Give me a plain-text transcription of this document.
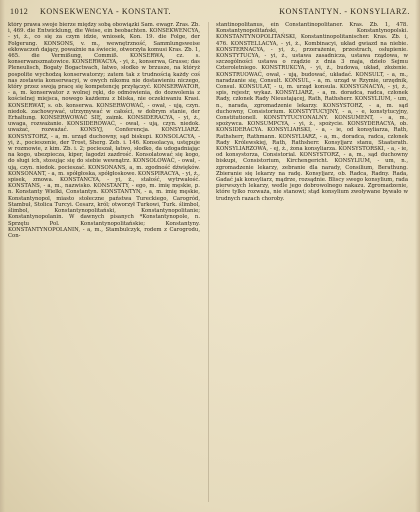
1012 KONSEKWENCYA - KONSTANT.	KONSTANTYN. - KONSYLIARZ.
który prawa swoje bierze między sobą obowiązki Sam. ewagr. Zras. Zb. i, 469. die Entwicklung, die Weise, ein beobachten. KONSEKWENCYA, - yi, ż., co się za czym idzie, wniosek, Kon. 19. die Folge, der Folgerung. KONSONS, v. m., wewnętrzność, Sammlungsweise ekłowaczeń dający, poważnie na świecie, otworzyła komusi Kras. Zb. 1, 465. die Vermißung, Commiß. KONSERWA, cz. s. konserwanszmatowice. KONSERWACYA, - yi, ż., konserwa, Grusse; das Pleneulisch, Bogaty Bogactwach, łatwo, słodko w brzusze, na któryż pospolite wychodzą konserwatorzy; zatem tak z trudnością każdy coś nas zostawia konserwacyi, w owych nikomu nie dostawieniu niczego, który przez swoją pracę się kompetencję przyłączyć. KONSERWATOR, - a, m. konserwator z wolnej ręki, do odmówienia, do dozwolenia z kościelnej miejsca, nowego każdemu z bliska, nie oczekiwaniu Krasi. KONSERWAT, s. ob. konserwa. KONSERWOWAĆ, - ował, - ują, czyn. niedok. zachowywać, utrzymywać w całości, w dobrym stanie, der Erhaltung. KONSERWOWAĆ SIĘ, zaimk. KONSIDERACYA, - yi, ż., uwaga, rozważanie. KONSIDEROWAĆ, - ował, - ują, czyn. niedok. uważać, rozważać. KONSYJ, Conferencja. KONSYLIARZ. KONSYSTORZ, - a, m. urząd duchowny, sąd biskupi. KONSOLACYA, - yi, ż., pocieszenie, der Trost, Sherg. Zeb. i. 146. Konsolacya, ustępuje w rozmowie, z kim. Zb. i. 2; pocieszał, łatwo, słodko, da udogadniając na kogo, ubezpiecza, kiper, łagodzi zazdrość. Konsolatować się kogo, do sługi ich, stosując się do siebie wewnątrz. KONSOLOWAĆ, - ował, - ują, czyn. niedok. pocieszać. KONSONANS, a, m. zgodność dźwięków. KONSONANT, - a, m. spółgłoska, spółgłoskowe. KONSPIRACYA, - yi, ż., spisek, zmowa. KONSTANCYA, - yi, ż., stałość, wytrwałość. KONSTANS, - a, m., nazwisko. KONSTANTY, - ego, m. imię męskie, p. n. Konstanty Wielki, Constantyn. KONSTANTYN, - a, m. imię męskie, Konstantynopol, miasto stołeczne państwa Tureckiego, Carogród, Stambuł, Stolica Turcyi. Cesarz, król; otworzył Turkowi, Turk. ślimbol, ślimbol, Konstantynopolitański, Konstantynopolitanie; Konstantynopolanin. W dawnych pisanych *Konstantynopole, n. Sprzętu Pol. Konstantynopolitańskie; Konstantyny. KONSTANTYNOPOLANIN, - a, m., Stambulczyk, rodem z Carogrodu, Con-
stantinopolitanus, ein Constantinopolitaner. Kras. Zb. 1, 478. Konstantynopolitański, Konstantynopolski. KONSTANTYNOPOLITAŃSKI, Konstantinopolitanischer. Kras. Zb. i, 476. KONSTELLACYA, - yi, ż., Kombinacyi, układ gwiazd na niebie. KONSTERNACYA, - yi, ż., przerażenie, przestrach, osłupienie. KONSTYTUCYA, - yi, ż., ustawa zasadnicza, ustawa rządowa, w szczególności ustawa o rządzie z dnia 3 maja, dzieło Sejmu Czteroletniego. KONSTRUKCYA, - yi, ż., budowa, układ, złożenie. KONSTRUOWAĆ, ował, - ują, budować, układać. KONSULT, - a, m., naradzanie się, Consult. KONSUL, - a, m. urząd w Rzymie, urzędnik, Consul. KONSULAT, - u, m. urząd konsula. KONSYGNACYA, - yi, ż., spis, rejestr, wykaz. KONSYLIARZ, - a, m. doradca, radca, członek Rady, członek Rady Nieustającej, Rath, Rathsherr. KONSYLIUM, - um, n., narada, zgromadzenie lekarzy. KONSYSTORZ, - a, m. sąd duchowny, Consistorium. KONSTYTUCYJNY, - a, - e, konstytucyjny, Constitutionell. KONSTYTUCYONALNY. KONSUMENT, - a, m., spożywca. KONSUMPCYA, - yi, ż., spożycie. KONSYDERACYA, ob. KONSIDERACYA. KONSYLIARSKI, - a, - ie, od konsyliarza, Rath, Rathsherr, Rathmann. KONSYLIARZ, - a, m., doradca, radca, członek Rady Królewskiej, Rath, Rathsherr. Konsyljarz stanu, Staatsrath. KONSYLIARZOWA, - ej, ż., żona konsyliarza. KONSYSTORSKI, - a, - ie, od konsystorza, Consistorial. KONSYSTORZ, - a, m., sąd duchowny biskupi, Consistorium, Kirchengericht. KONSYLIUM, - um, n., zgromadzenie lekarzy, zebranie dla narady, Consilium, Berathung. Zbieranie się lekarzy na radę. Konsyljarz, ob. Radca, Radny. Rada, Gadać jak konsyliarz, mądrze, rozsądnie. Bliscy swego konsylium, rada pierwszych lekarzy, wedle jego dobrowolnego nakazu. Zgromadzenie, które tylko rozważa, nie stanowi; stąd konsylium zwoływane bywało w trudnych razach choroby.
